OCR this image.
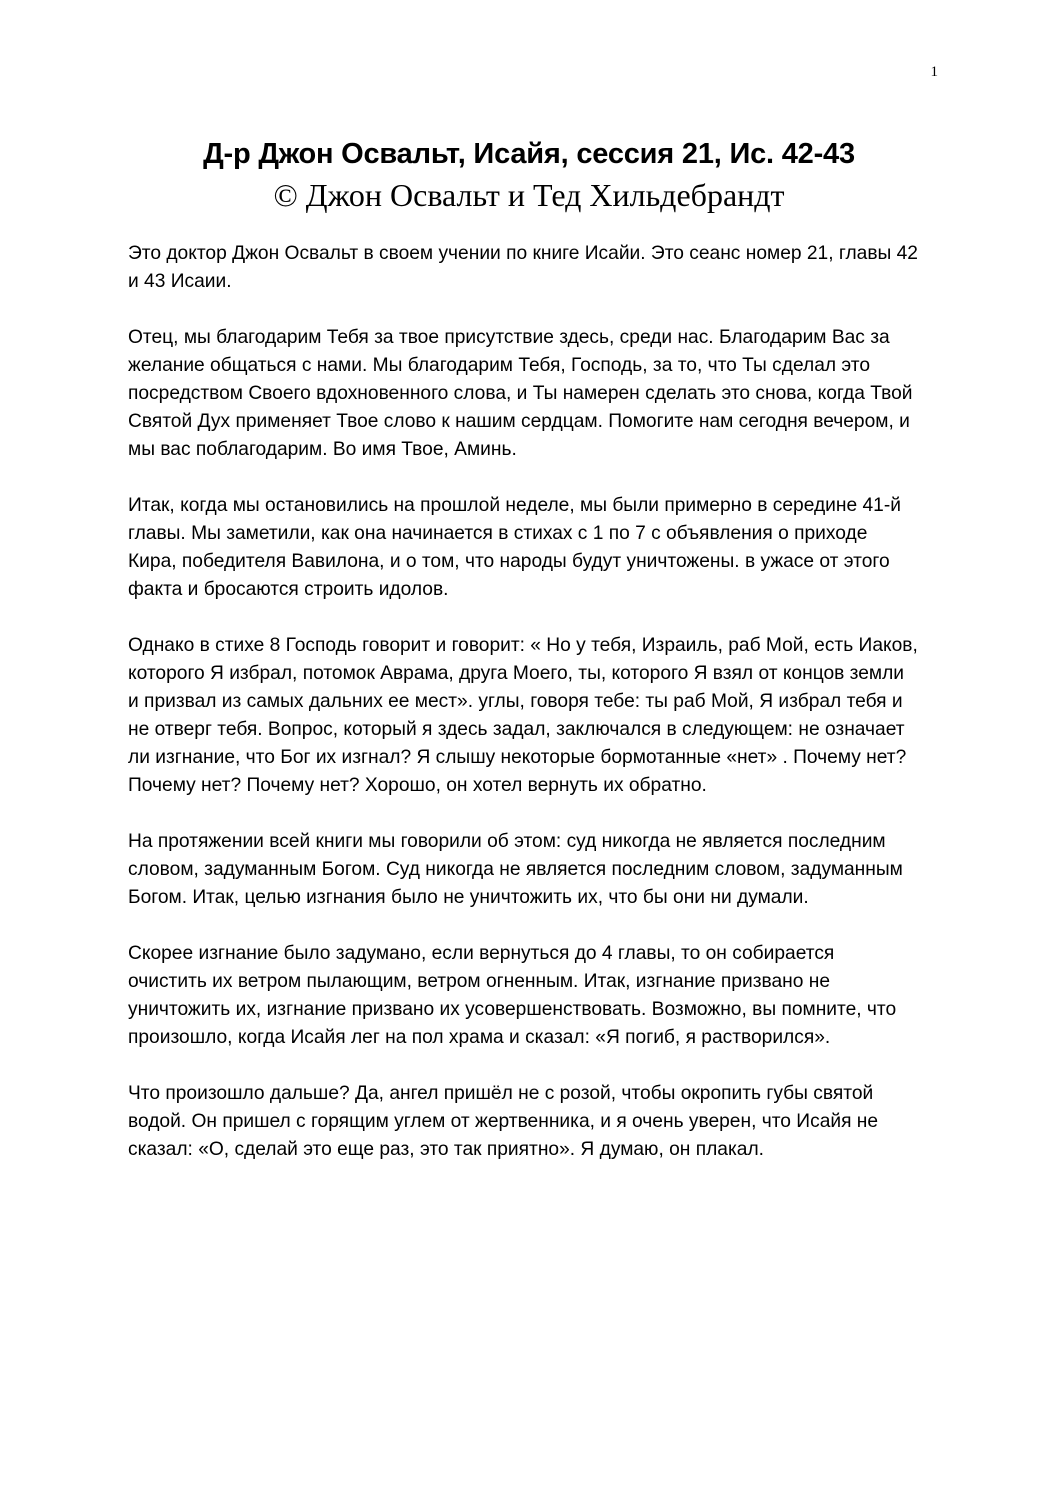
1
Д-р Джон Освальт, Исайя, сессия 21, Ис. 42-43
© Джон Освальт и Тед Хильдебрандт

Это доктор Джон Освальт в своем учении по книге Исайи. Это сеанс номер 21, главы 42 и 43 Исаии.

Отец, мы благодарим Тебя за твое присутствие здесь, среди нас. Благодарим Вас за желание общаться с нами. Мы благодарим Тебя, Господь, за то, что Ты сделал это посредством Своего вдохновенного слова, и Ты намерен сделать это снова, когда Твой Святой Дух применяет Твое слово к нашим сердцам. Помогите нам сегодня вечером, и мы вас поблагодарим. Во имя Твое, Аминь.

Итак, когда мы остановились на прошлой неделе, мы были примерно в середине 41-й главы. Мы заметили, как она начинается в стихах с 1 по 7 с объявления о приходе Кира, победителя Вавилона, и о том, что народы будут уничтожены. в ужасе от этого факта и бросаются строить идолов.

Однако в стихе 8 Господь говорит и говорит: « Но у тебя, Израиль, раб Мой, есть Иаков, которого Я избрал, потомок Аврама, друга Моего, ты, которого Я взял от концов земли и призвал из самых дальних ее мест». углы, говоря тебе: ты раб Мой, Я избрал тебя и не отверг тебя. Вопрос, который я здесь задал, заключался в следующем: не означает ли изгнание, что Бог их изгнал? Я слышу некоторые бормотанные «нет» . Почему нет? Почему нет? Почему нет? Хорошо, он хотел вернуть их обратно.

На протяжении всей книги мы говорили об этом: суд никогда не является последним словом, задуманным Богом. Суд никогда не является последним словом, задуманным Богом. Итак, целью изгнания было не уничтожить их, что бы они ни думали.

Скорее изгнание было задумано, если вернуться до 4 главы, то он собирается очистить их ветром пылающим, ветром огненным. Итак, изгнание призвано не уничтожить их, изгнание призвано их усовершенствовать. Возможно, вы помните, что произошло, когда Исайя лег на пол храма и сказал: «Я погиб, я растворился».

Что произошло дальше? Да, ангел пришёл не с розой, чтобы окропить губы святой водой. Он пришел с горящим углем от жертвенника, и я очень уверен, что Исайя не сказал: «О, сделай это еще раз, это так приятно». Я думаю, он плакал.
